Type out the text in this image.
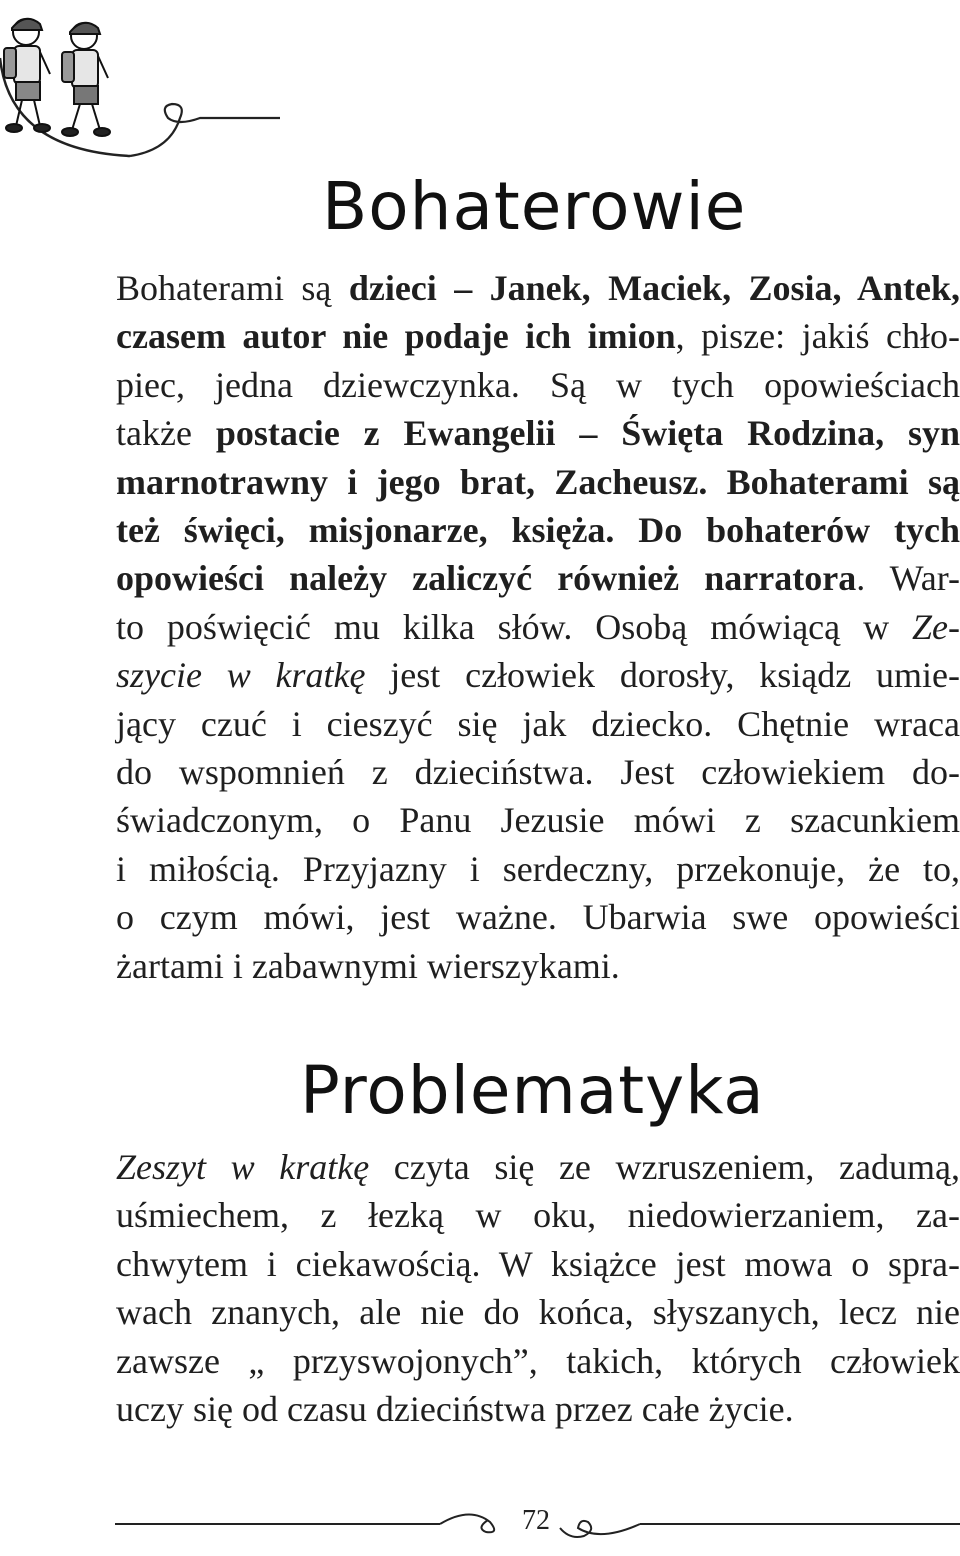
Bohaterowie
Bohaterami są dzieci – Janek, Maciek, Zosia, Antek,
czasem autor nie podaje ich imion, pisze: jakiś chło-
piec, jedna dziewczynka. Są w tych opowieściach
także postacie z Ewangelii – Święta Rodzina, syn
marnotrawny i jego brat, Zacheusz. Bohaterami są
też święci, misjonarze, księża. Do bohaterów tych
opowieści należy zaliczyć również narratora. War-
to poświęcić mu kilka słów. Osobą mówiącą w Ze-
szycie w kratkę jest człowiek dorosły, ksiądz umie-
jący czuć i cieszyć się jak dziecko. Chętnie wraca
do wspomnień z dzieciństwa. Jest człowiekiem do-
świadczonym, o Panu Jezusie mówi z szacunkiem
i miłością. Przyjazny i serdeczny, przekonuje, że to,
o czym mówi, jest ważne. Ubarwia swe opowieści
żartami i zabawnymi wierszykami.
Problematyka
Zeszyt w kratkę czyta się ze wzruszeniem, zadumą,
uśmiechem, z łezką w oku, niedowierzaniem, za-
chwytem i ciekawością. W książce jest mowa o spra-
wach znanych, ale nie do końca, słyszanych, lecz nie
zawsze „ przyswojonych”, takich, których człowiek
uczy się od czasu dzieciństwa przez całe życie.
72
